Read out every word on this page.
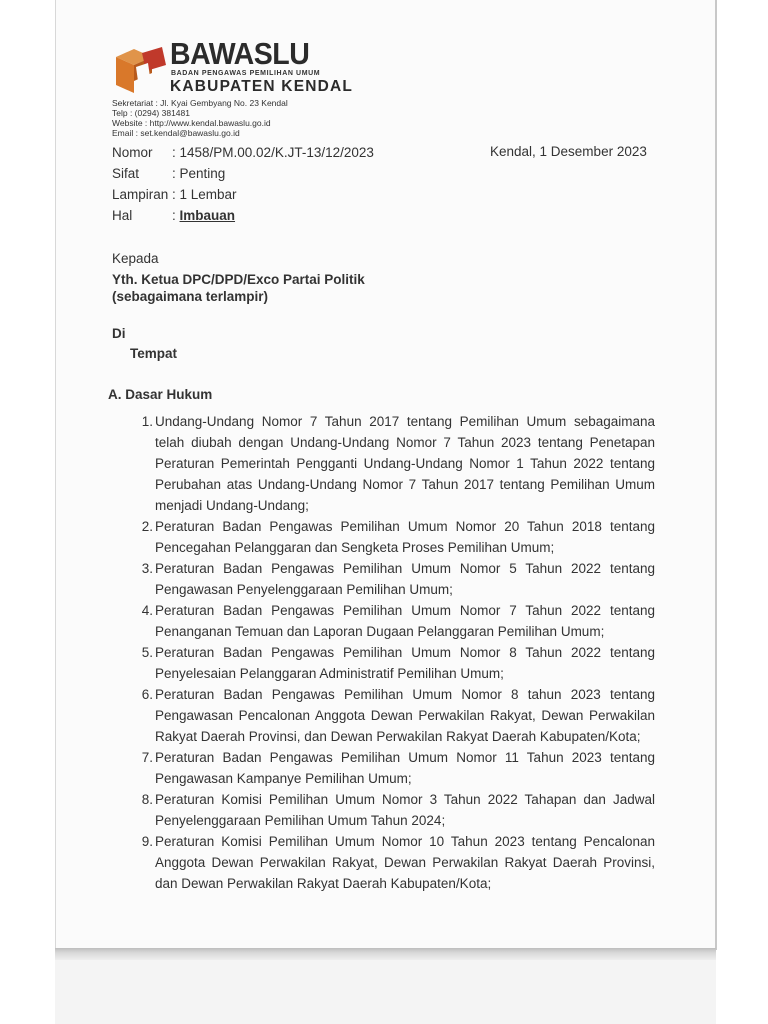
BAWASLU
BADAN PENGAWAS PEMILIHAN UMUM
KABUPATEN KENDAL
Sekretariat : Jl. Kyai Gembyang No. 23 Kendal
Telp : (0294) 381481
Website : http://www.kendal.bawaslu.go.id
Email : set.kendal@bawaslu.go.id
Nomor : 1458/PM.00.02/K.JT-13/12/2023	Kendal, 1 Desember 2023
Sifat : Penting
Lampiran : 1 Lembar
Hal	: Imbauan
Kepada
Yth. Ketua DPC/DPD/Exco Partai Politik
(sebagaimana terlampir)
Di
Tempat
A. Dasar Hukum
1. Undang-Undang Nomor 7 Tahun 2017 tentang Pemilihan Umum sebagaimana telah diubah dengan Undang-Undang Nomor 7 Tahun 2023 tentang Penetapan Peraturan Pemerintah Pengganti Undang-Undang Nomor 1 Tahun 2022 tentang Perubahan atas Undang-Undang Nomor 7 Tahun 2017 tentang Pemilihan Umum menjadi Undang-Undang;
2. Peraturan Badan Pengawas Pemilihan Umum Nomor 20 Tahun 2018 tentang Pencegahan Pelanggaran dan Sengketa Proses Pemilihan Umum;
3. Peraturan Badan Pengawas Pemilihan Umum Nomor 5 Tahun 2022 tentang Pengawasan Penyelenggaraan Pemilihan Umum;
4. Peraturan Badan Pengawas Pemilihan Umum Nomor 7 Tahun 2022 tentang Penanganan Temuan dan Laporan Dugaan Pelanggaran Pemilihan Umum;
5. Peraturan Badan Pengawas Pemilihan Umum Nomor 8 Tahun 2022 tentang Penyelesaian Pelanggaran Administratif Pemilihan Umum;
6. Peraturan Badan Pengawas Pemilihan Umum Nomor 8 tahun 2023 tentang Pengawasan Pencalonan Anggota Dewan Perwakilan Rakyat, Dewan Perwakilan Rakyat Daerah Provinsi, dan Dewan Perwakilan Rakyat Daerah Kabupaten/Kota;
7. Peraturan Badan Pengawas Pemilihan Umum Nomor 11 Tahun 2023 tentang Pengawasan Kampanye Pemilihan Umum;
8. Peraturan Komisi Pemilihan Umum Nomor 3 Tahun 2022 Tahapan dan Jadwal Penyelenggaraan Pemilihan Umum Tahun 2024;
9. Peraturan Komisi Pemilihan Umum Nomor 10 Tahun 2023 tentang Pencalonan Anggota Dewan Perwakilan Rakyat, Dewan Perwakilan Rakyat Daerah Provinsi, dan Dewan Perwakilan Rakyat Daerah Kabupaten/Kota;
